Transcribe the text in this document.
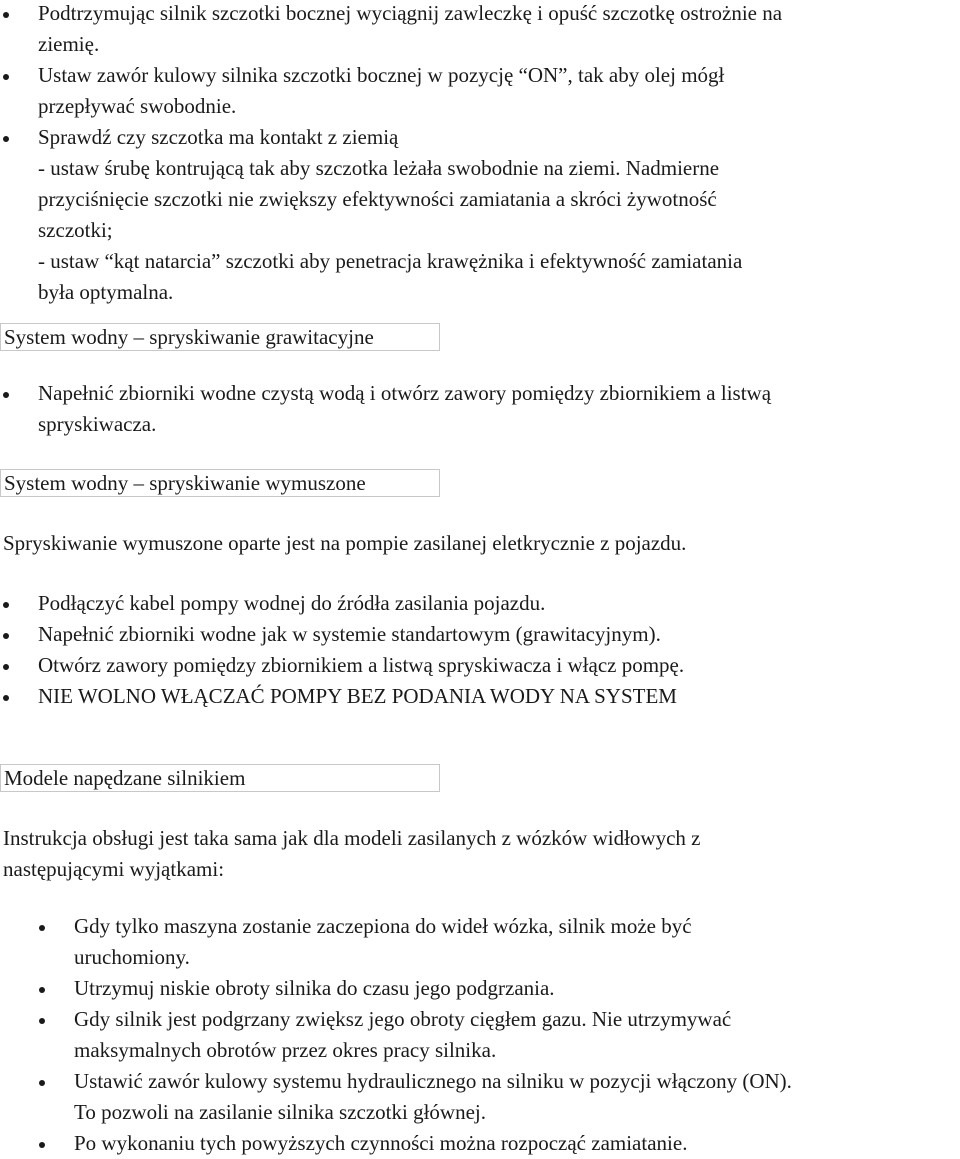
Podtrzymując silnik szczotki bocznej wyciągnij zawleczkę i opuść szczotkę ostrożnie na
ziemię.
Ustaw zawór kulowy silnika szczotki bocznej w pozycję “ON”, tak aby olej mógł
przepływać swobodnie.
Sprawdź czy szczotka ma kontakt z ziemią
- ustaw śrubę kontrującą tak aby szczotka leżała swobodnie na ziemi. Nadmierne
przyciśnięcie szczotki nie zwiększy efektywności zamiatania a skróci żywotność
szczotki;
- ustaw “kąt natarcia” szczotki aby penetracja krawężnika i efektywność zamiatania
była optymalna.
System wodny – spryskiwanie grawitacyjne
Napełnić zbiorniki wodne czystą wodą i otwórz zawory pomiędzy zbiornikiem a listwą
spryskiwacza.
System wodny – spryskiwanie wymuszone

Spryskiwanie wymuszone oparte jest na pompie zasilanej eletkrycznie z pojazdu.

Podłączyć kabel pompy wodnej do źródła zasilania pojazdu.
Napełnić zbiorniki wodne jak w systemie standartowym (grawitacyjnym).
Otwórz zawory pomiędzy zbiornikiem a listwą spryskiwacza i włącz pompę.
NIE WOLNO WŁĄCZAĆ POMPY BEZ PODANIA WODY NA SYSTEM
Modele napędzane silnikiem

Instrukcja obsługi jest taka sama jak dla modeli zasilanych z wózków widłowych z
następującymi wyjątkami:

Gdy tylko maszyna zostanie zaczepiona do wideł wózka, silnik może być
uruchomiony.
Utrzymuj niskie obroty silnika do czasu jego podgrzania.
Gdy silnik jest podgrzany zwiększ jego obroty cięgłem gazu. Nie utrzymywać
maksymalnych obrotów przez okres pracy silnika.
Ustawić zawór kulowy systemu hydraulicznego na silniku w pozycji włączony (ON).
To pozwoli na zasilanie silnika szczotki głównej.
Po wykonaniu tych powyższych czynności można rozpocząć zamiatanie.
